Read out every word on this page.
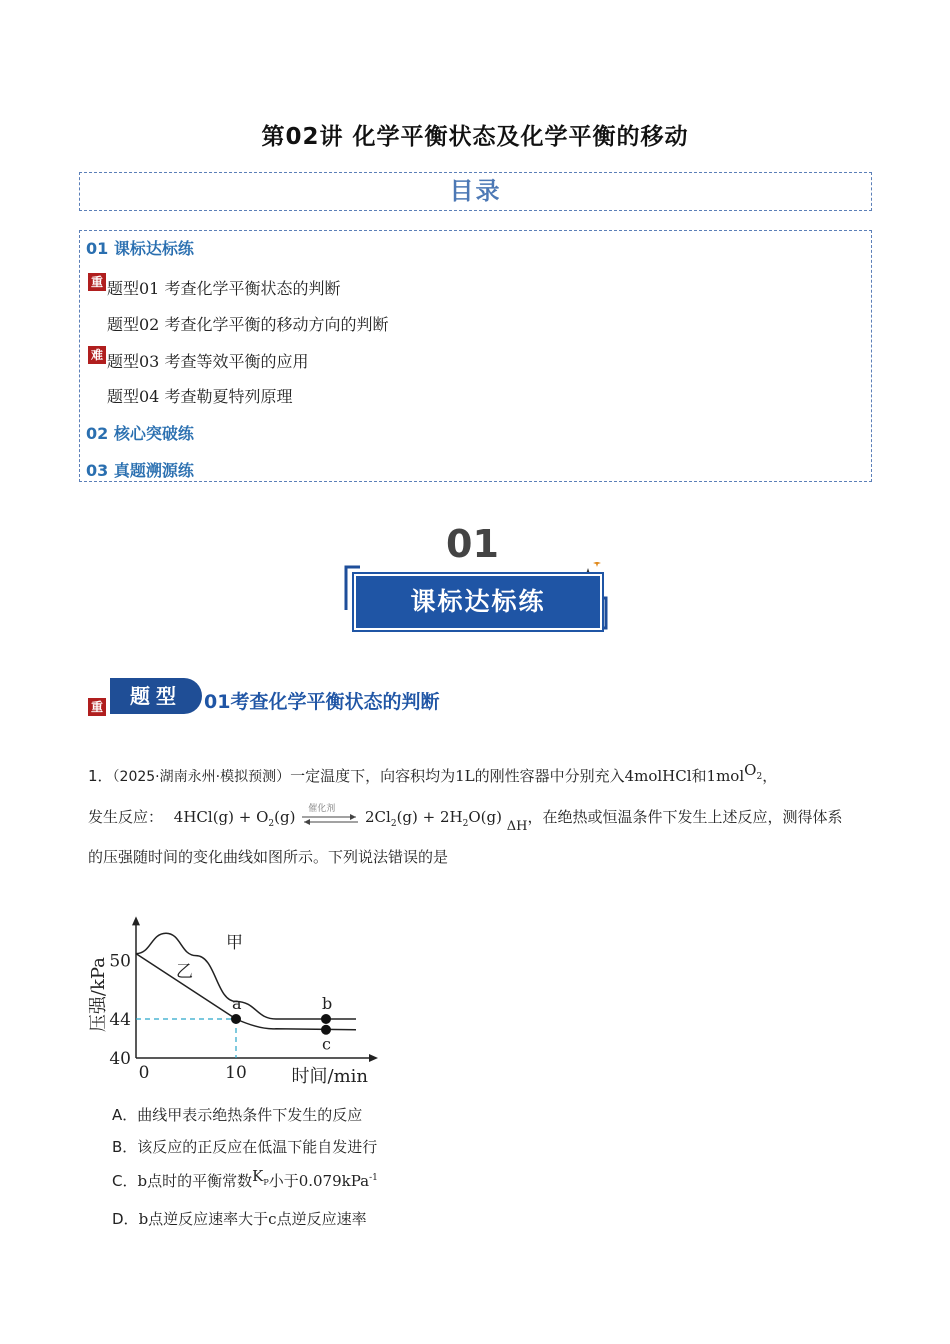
第02讲 化学平衡状态及化学平衡的移动
目录
01 课标达标练
重 题型01 考查化学平衡状态的判断
题型02 考查化学平衡的移动方向的判断
难 题型03 考查等效平衡的应用
题型04 考查勒夏特列原理
02 核心突破练
03 真题溯源练
01
课标达标练
重	题型	01考查化学平衡状态的判断
1．（2025·湖南永州·模拟预测）一定温度下，向容积均为1L的刚性容器中分别充入4molHCl和1molO$_2$，
发生反应： $4HCl(g) + O_2(g)$ 催化剂 $2Cl_2(g) + 2H_2O(g)$ ΔH，在绝热或恒温条件下发生上述反应，测得体系
的压强随时间的变化曲线如图所示。下列说法错误的是
甲
乙
a	b
c
40
44
50
0	10 时间/min
压强/kPa
A．曲线甲表示绝热条件下发生的反应
B．该反应的正反应在低温下能自发进行
C．b点时的平衡常数$K_P$小于0.079kPa$^{-1}$
D．b点逆反应速率大于c点逆反应速率
